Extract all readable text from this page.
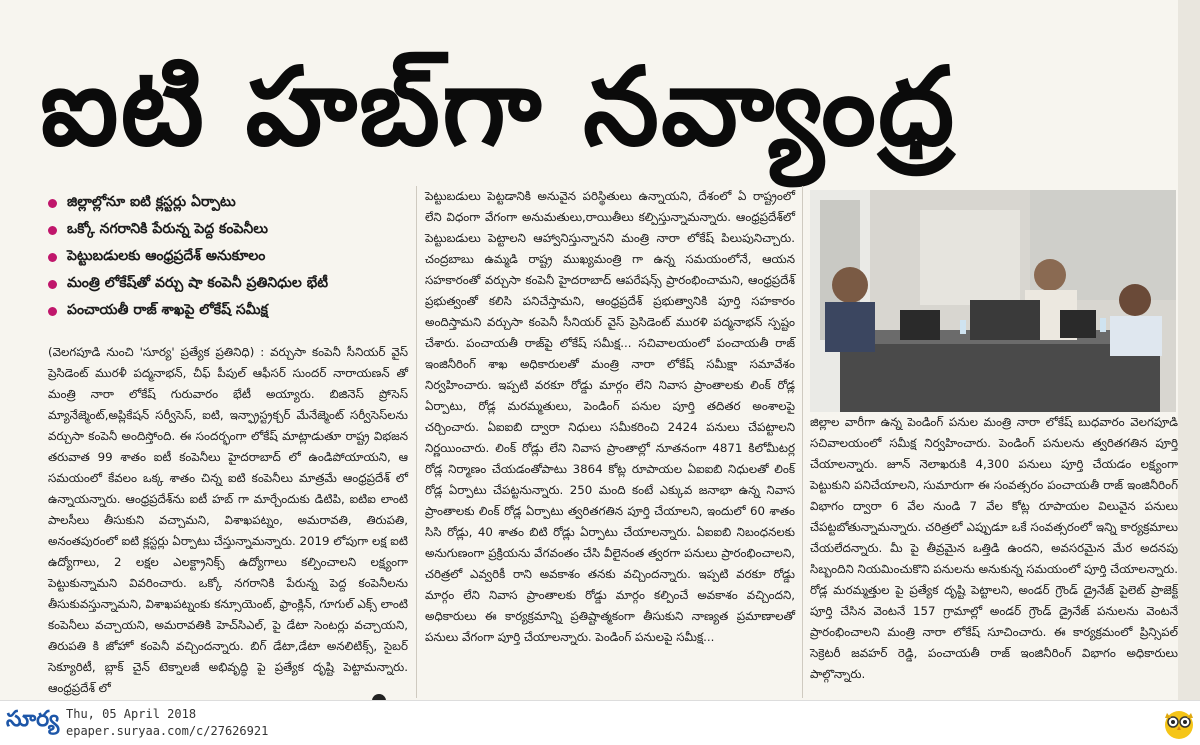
ఐటి హబ్‌గా నవ్యాంధ్ర
జిల్లాల్లోనూ ఐటి క్లస్టర్లు ఏర్పాటు
ఒక్కో నగరానికి పేరున్న పెద్ద కంపెనీలు
పెట్టుబడులకు ఆంధ్రప్రదేశ్ అనుకూలం
మంత్రి లోకేష్‌తో వర్చు షా కంపెనీ ప్రతినిధుల భేటీ
పంచాయతీ రాజ్ శాఖపై లోకేష్ సమీక్ష

(వెలగపూడి నుంచి 'సూర్య' ప్రత్యేక ప్రతినిధి) : వర్చుసా కంపెనీ సీనియర్ వైస్ ప్రెసిడెంట్ మురళీ పద్మనాభన్, చీఫ్ పీపుల్ ఆఫీసర్ సుందర్ నారాయణన్ తో మంత్రి నారా లోకేష్ గురువారం భేటీ అయ్యారు. బిజినెస్ ప్రోసెస్ మ్యానేజ్మెంట్,అప్లికేషన్ సర్వీసెస్, ఐటి, ఇన్ఫ్రాస్ట్రక్చర్ మేనేజ్మెంట్ సర్వీసెస్‌లను వర్చుసా కంపెనీ అందిస్తోంది. ఈ సందర్భంగా లోకేష్ మాట్లాడుతూ రాష్ట్ర విభజన తరువాత 99 శాతం ఐటీ కంపెనీలు హైదరాబాద్ లో ఉండిపోయాయని, ఆ సమయంలో కేవలం ఒక్క శాతం చిన్న ఐటి కంపెనీలు మాత్రమే ఆంధ్రప్రదేశ్ లో ఉన్నాయన్నారు. ఆంధ్రప్రదేశ్‌ను ఐటీ హబ్ గా మార్చేందుకు డిటిపి, ఐటిఐ లాంటి పాలసీలు తీసుకుని వచ్చామని, విశాఖపట్నం, అమరావతి, తిరుపతి, అనంతపురంలో ఐటి క్లస్టర్లు ఏర్పాటు చేస్తున్నామన్నారు. 2019 లోపుగా లక్ష ఐటి ఉద్యోగాలు, 2 లక్షల ఎలక్ట్రానిక్స్ ఉద్యోగాలు కల్పించాలని లక్ష్యంగా పెట్టుకున్నామని వివరించారు. ఒక్కో నగరానికి పేరున్న పెద్ద కంపెనీలను తీసుకువస్తున్నామని, విశాఖపట్నంకు కన్సూయెంట్, ఫ్రాంక్లిన్, గూగుల్ ఎక్స్ లాంటి కంపెనీలు వచ్చాయని, అమరావతికి హెచ్‌సిఎల్, పై డేటా సెంటర్లు వచ్చాయని, తిరుపతి కి జోహో కంపెనీ వచ్చిందన్నారు. బిగ్ డేటా,డేటా అనలిటిక్స్, సైబర్ సెక్యూరిటీ, బ్లాక్ చైన్ టెక్నాలజీ అభివృద్ధి పై ప్రత్యేక దృష్టి పెట్టామన్నారు. ఆంధ్రప్రదేశ్ లో

పెట్టుబడులు పెట్టడానికి అనువైన పరిస్థితులు ఉన్నాయని, దేశంలో ఏ రాష్ట్రంలో లేని విధంగా వేగంగా అనుమతులు,రాయితీలు కల్పిస్తున్నామన్నారు. ఆంధ్రప్రదేశ్‌లో పెట్టుబడులు పెట్టాలని ఆహ్వానిస్తున్నానని మంత్రి నారా లోకేష్ పిలుపునిచ్చారు. చంద్రబాబు ఉమ్మడి రాష్ట్ర ముఖ్యమంత్రి గా ఉన్న సమయంలోనే, ఆయన సహకారంతో వర్చుసా కంపెనీ హైదరాబాద్ ఆపరేషన్స్ ప్రారంభించామని, ఆంధ్రప్రదేశ్ ప్రభుత్వంతో కలిసి పనిచేస్తామని, ఆంధ్రప్రదేశ్ ప్రభుత్వానికి పూర్తి సహకారం అందిస్తామని వర్చుసా కంపెనీ సీనియర్ వైస్ ప్రెసిడెంట్ మురళి పద్మనాభన్ స్పష్టం చేశారు. పంచాయతీ రాజ్‌పై లోకేష్ సమీక్ష... సచివాలయంలో పంచాయతీ రాజ్ ఇంజినీరింగ్ శాఖ అధికారులతో మంత్రి నారా లోకేష్ సమీక్షా సమావేశం నిర్వహించారు. ఇప్పటి వరకూ రోడ్డు మార్గం లేని నివాస ప్రాంతాలకు లింక్ రోడ్ల ఏర్పాటు, రోడ్ల మరమ్మతులు, పెండింగ్ పనుల పూర్తి తదితర అంశాలపై చర్చించారు. ఏఐఐబి ద్వారా నిధులు సమీకరించి 2424 పనులు చేపట్టాలని నిర్ణయించారు. లింక్ రోడ్లు లేని నివాస ప్రాంతాల్లో నూతనంగా 4871 కిలోమీటర్ల రోడ్ల నిర్మాణం చేయడంతోపాటు 3864 కోట్ల రూపాయల ఏఐఐబి నిధులతో లింక్ రోడ్ల ఏర్పాటు చేపట్టనున్నారు. 250 మంది కంటే ఎక్కువ జనాభా ఉన్న నివాస ప్రాంతాలకు లింక్ రోడ్ల ఏర్పాటు త్వరితగతిన పూర్తి చేయాలని, ఇందులో 60 శాతం సిసి రోడ్లు, 40 శాతం బిటి రోడ్లు ఏర్పాటు చేయాలన్నారు. ఏఐఐబి నిబంధనలకు అనుగుణంగా ప్రక్రియను వేగవంతం చేసి వీలైనంత త్వరగా పనులు ప్రారంభించాలని, చరిత్రలో ఎవ్వరికీ రాని అవకాశం తనకు వచ్చిందన్నారు. ఇప్పటి వరకూ రోడ్డు మార్గం లేని నివాస ప్రాంతాలకు రోడ్డు మార్గం కల్పించే అవకాశం వచ్చిందని, అధికారులు ఈ కార్యక్రమాన్ని ప్రతిష్టాత్మకంగా తీసుకుని నాణ్యత ప్రమాణాలతో పనులు వేగంగా పూర్తి చేయాలన్నారు. పెండింగ్ పనులపై సమీక్ష...

జిల్లాల వారీగా ఉన్న పెండింగ్ పనుల మంత్రి నారా లోకేష్ బుధవారం వెలగపూడి సచివాలయంలో సమీక్ష నిర్వహించారు. పెండింగ్ పనులను త్వరితగతిన పూర్తి చేయాలన్నారు. జూన్ నెలాఖరుకి 4,300 పనులు పూర్తి చేయడం లక్ష్యంగా పెట్టుకుని పనిచేయాలని, సుమారుగా ఈ సంవత్సరం పంచాయతీ రాజ్ ఇంజినీరింగ్ విభాగం ద్వారా 6 వేల నుండి 7 వేల కోట్ల రూపాయల విలువైన పనులు చేపట్టబోతున్నామన్నారు. చరిత్రలో ఎప్పుడూ ఒకే సంవత్సరంలో ఇన్ని కార్యక్రమాలు చేయలేదన్నారు. మీ పై తీవ్రమైన ఒత్తిడి ఉందని, అవసరమైన మేర అదనపు సిబ్బందిని నియమించుకొని పనులను అనుకున్న సమయంలో పూర్తి చేయాలన్నారు. రోడ్ల మరమ్మత్తుల పై ప్రత్యేక దృష్టి పెట్టాలని, అండర్ గ్రౌండ్ డ్రైనేజ్ పైలెట్ ప్రాజెక్ట్ పూర్తి చేసిన వెంటనే 157 గ్రామాల్లో అండర్ గ్రౌండ్ డ్రైనేజ్ పనులను వెంటనే ప్రారంభించాలని మంత్రి నారా లోకేష్ సూచించారు. ఈ కార్యక్రమంలో ప్రిన్సిపల్ సెక్రెటరీ జవహర్ రెడ్డి, పంచాయతీ రాజ్ ఇంజినీరింగ్ విభాగం అధికారులు పాల్గొన్నారు.

సూర్య Thu, 05 April 2018
epaper.suryaa.com/c/27626921
